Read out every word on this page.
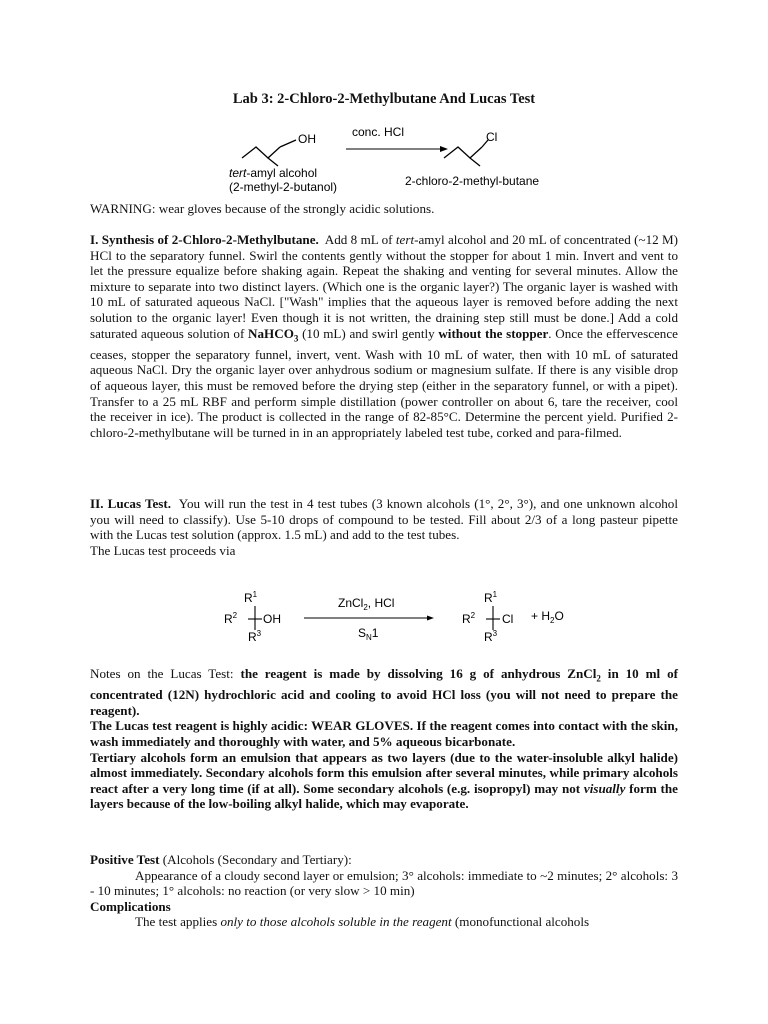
Lab 3: 2-Chloro-2-Methylbutane And Lucas Test
OH	conc. HCl	Cl
tert-amyl alcohol
(2-methyl-2-butanol)	2-chloro-2-methyl-butane

WARNING: wear gloves because of the strongly acidic solutions.

I. Synthesis of 2-Chloro-2-Methylbutane. Add 8 mL of tert-amyl alcohol and 20 mL of concentrated (~12 M) HCl to the separatory funnel. Swirl the contents gently without the stopper for about 1 min. Invert and vent to let the pressure equalize before shaking again. Repeat the shaking and venting for several minutes. Allow the mixture to separate into two distinct layers. (Which one is the organic layer?) The organic layer is washed with 10 mL of saturated aqueous NaCl. ["Wash" implies that the aqueous layer is removed before adding the next solution to the organic layer! Even though it is not written, the draining step still must be done.] Add a cold saturated aqueous solution of NaHCO$_3$ (10 mL) and swirl gently without the stopper. Once the effervescence ceases, stopper the separatory funnel, invert, vent. Wash with 10 mL of water, then with 10 mL of saturated aqueous NaCl. Dry the organic layer over anhydrous sodium or magnesium sulfate. If there is any visible drop of aqueous layer, this must be removed before the drying step (either in the separatory funnel, or with a pipet). Transfer to a 25 mL RBF and perform simple distillation (power controller on about 6, tare the receiver, cool the receiver in ice). The product is collected in the range of 82-85°C. Determine the percent yield. Purified 2-chloro-2-methylbutane will be turned in in an appropriately labeled test tube, corked and para-filmed.

II. Lucas Test. You will run the test in 4 test tubes (3 known alcohols (1°, 2°, 3°), and one unknown alcohol you will need to classify). Use 5-10 drops of compound to be tested. Fill about 2/3 of a long pasteur pipette with the Lucas test solution (approx. 1.5 mL) and add to the test tubes.

The Lucas test proceeds via

$R^1$
$R^2$ OH
$R^3$
ZnCl$_2$, HCl
$S_N1$
$R^1$
$R^2$ Cl
$R^3$
+ $H_2O$

Notes on the Lucas Test: the reagent is made by dissolving 16 g of anhydrous ZnCl$_2$ in 10 ml of concentrated (12N) hydrochloric acid and cooling to avoid HCl loss (you will not need to prepare the reagent).

The Lucas test reagent is highly acidic: WEAR GLOVES. If the reagent comes into contact with the skin, wash immediately and thoroughly with water, and 5% aqueous bicarbonate.

Tertiary alcohols form an emulsion that appears as two layers (due to the water-insoluble alkyl halide) almost immediately. Secondary alcohols form this emulsion after several minutes, while primary alcohols react after a very long time (if at all). Some secondary alcohols (e.g. isopropyl) may not visually form the layers because of the low-boiling alkyl halide, which may evaporate.

Positive Test (Alcohols (Secondary and Tertiary):

Appearance of a cloudy second layer or emulsion; 3° alcohols: immediate to ~2 minutes; 2° alcohols: 3 - 10 minutes; 1° alcohols: no reaction (or very slow > 10 min)

Complications

The test applies only to those alcohols soluble in the reagent (monofunctional alcohols
